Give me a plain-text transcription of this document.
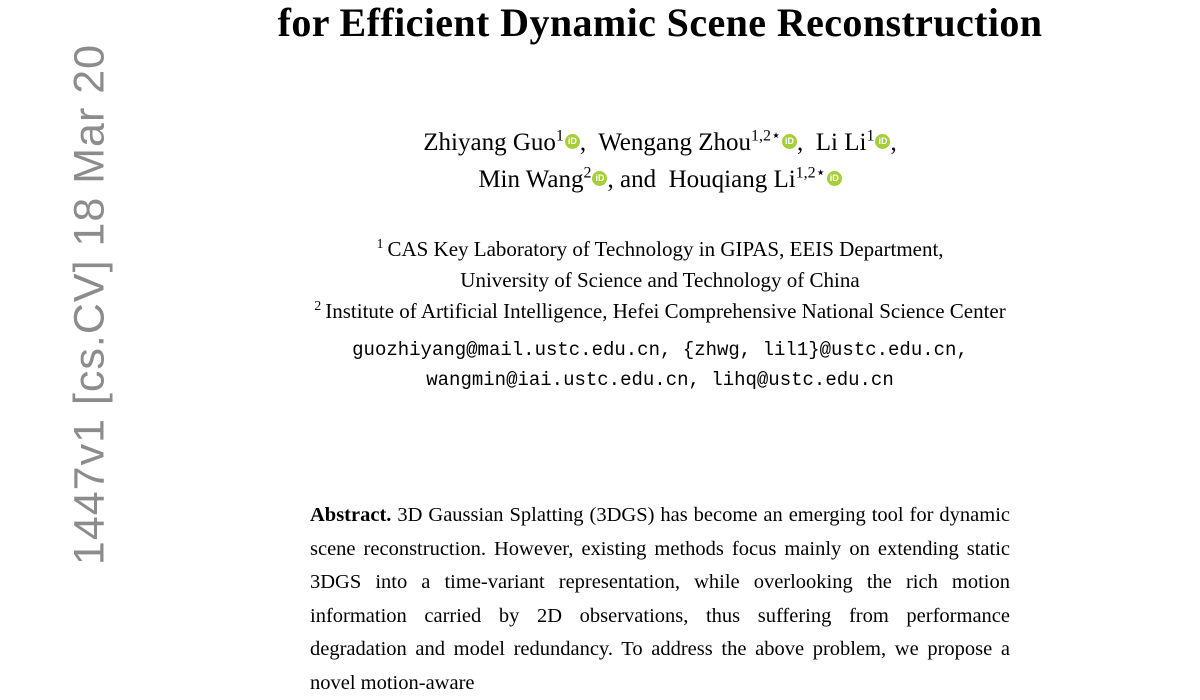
1447v1 [cs.CV] 18 Mar 20
for Efficient Dynamic Scene Reconstruction
Zhiyang Guo$^1$ iD ,  Wengang Zhou$^{1,2⋆}$ iD ,  Li Li$^1$ iD ,
Min Wang$^2$ iD , and  Houqiang $Li^{1,2⋆}iD$
$^1$ CAS Key Laboratory of Technology in GIPAS, EEIS Department,
University of Science and Technology of China
$^2$ Institute of Artificial Intelligence, Hefei Comprehensive National Science Center
guozhiyang@mail.ustc.edu.cn, {zhwg, lil1}@ustc.edu.cn,
wangmin@iai.ustc.edu.cn, lihq@ustc.edu.cn
Abstract. 3D Gaussian Splatting (3DGS) has become an emerging tool for dynamic scene reconstruction. However, existing methods focus mainly on extending static 3DGS into a time-variant representation, while overlooking the rich motion information carried by 2D observations, thus suffering from performance degradation and model redundancy. To address the above problem, we propose a novel motion-aware
